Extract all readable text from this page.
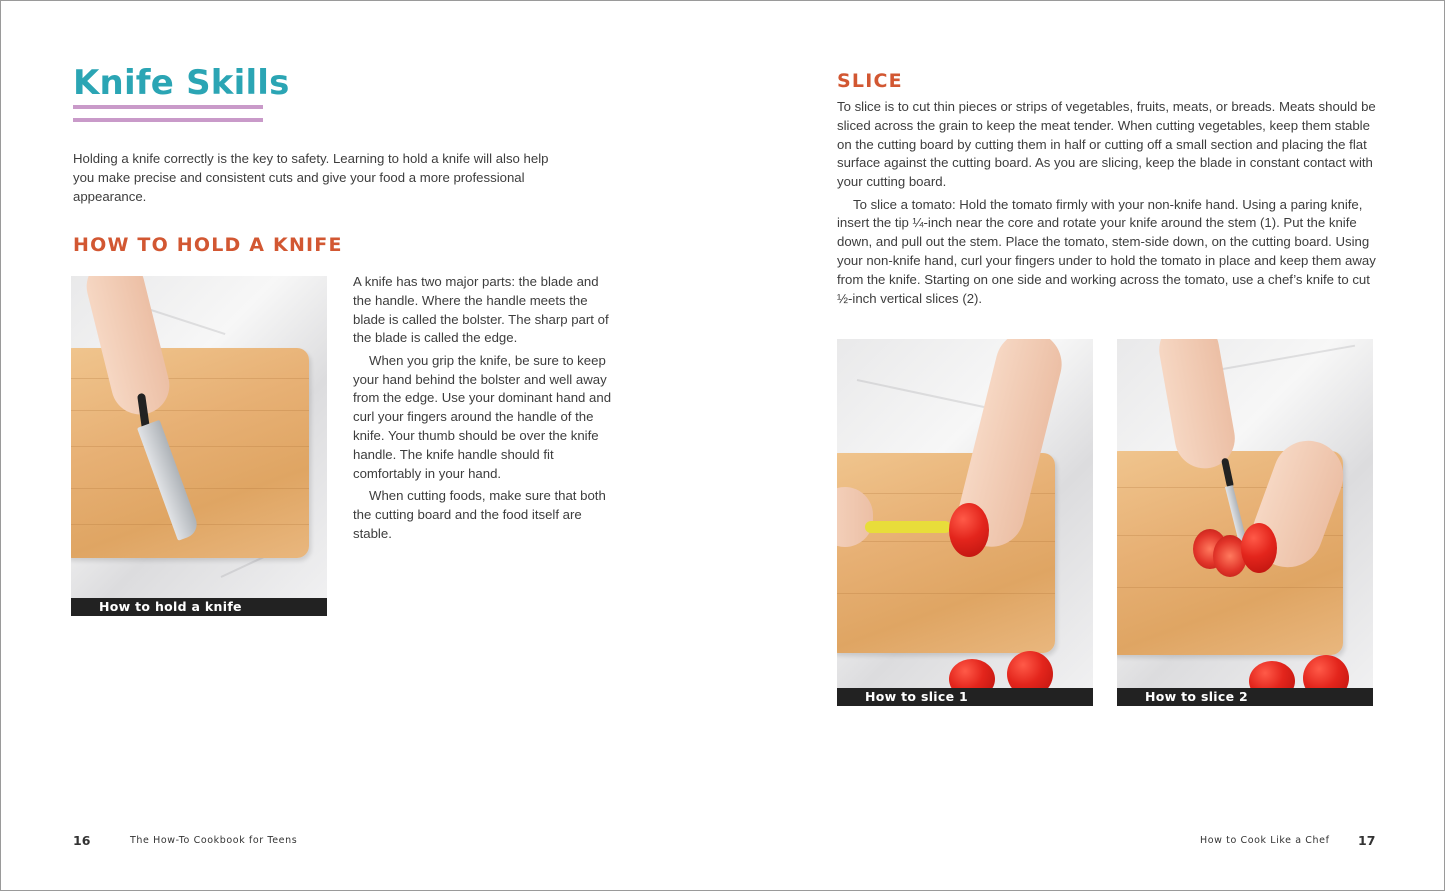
Knife Skills

Holding a knife correctly is the key to safety. Learning to hold a knife will also help you make precise and consistent cuts and give your food a more professional appearance.

HOW TO HOLD A KNIFE
How to hold a knife

A knife has two major parts: the blade and the handle. Where the handle meets the blade is called the bolster. The sharp part of the blade is called the edge.

When you grip the knife, be sure to keep your hand behind the bolster and well away from the edge. Use your dominant hand and curl your fingers around the handle of the knife. Your thumb should be over the knife handle. The knife handle should fit comfortably in your hand.

When cutting foods, make sure that both the cutting board and the food itself are stable.

16	The How-To Cookbook for Teens
SLICE

To slice is to cut thin pieces or strips of vegetables, fruits, meats, or breads. Meats should be sliced across the grain to keep the meat tender. When cutting vegetables, keep them stable on the cutting board by cutting them in half or cutting off a small section and placing the flat surface against the cutting board. As you are slicing, keep the blade in constant contact with your cutting board.

To slice a tomato: Hold the tomato firmly with your non-knife hand. Using a paring knife, insert the tip ¼-inch near the core and rotate your knife around the stem (1). Put the knife down, and pull out the stem. Place the tomato, stem-side down, on the cutting board. Using your non-knife hand, curl your fingers under to hold the tomato in place and keep them away from the knife. Starting on one side and working across the tomato, use a chef’s knife to cut ½-inch vertical slices (2).

How to slice 1	How to slice 2
How to Cook Like a Chef 17
